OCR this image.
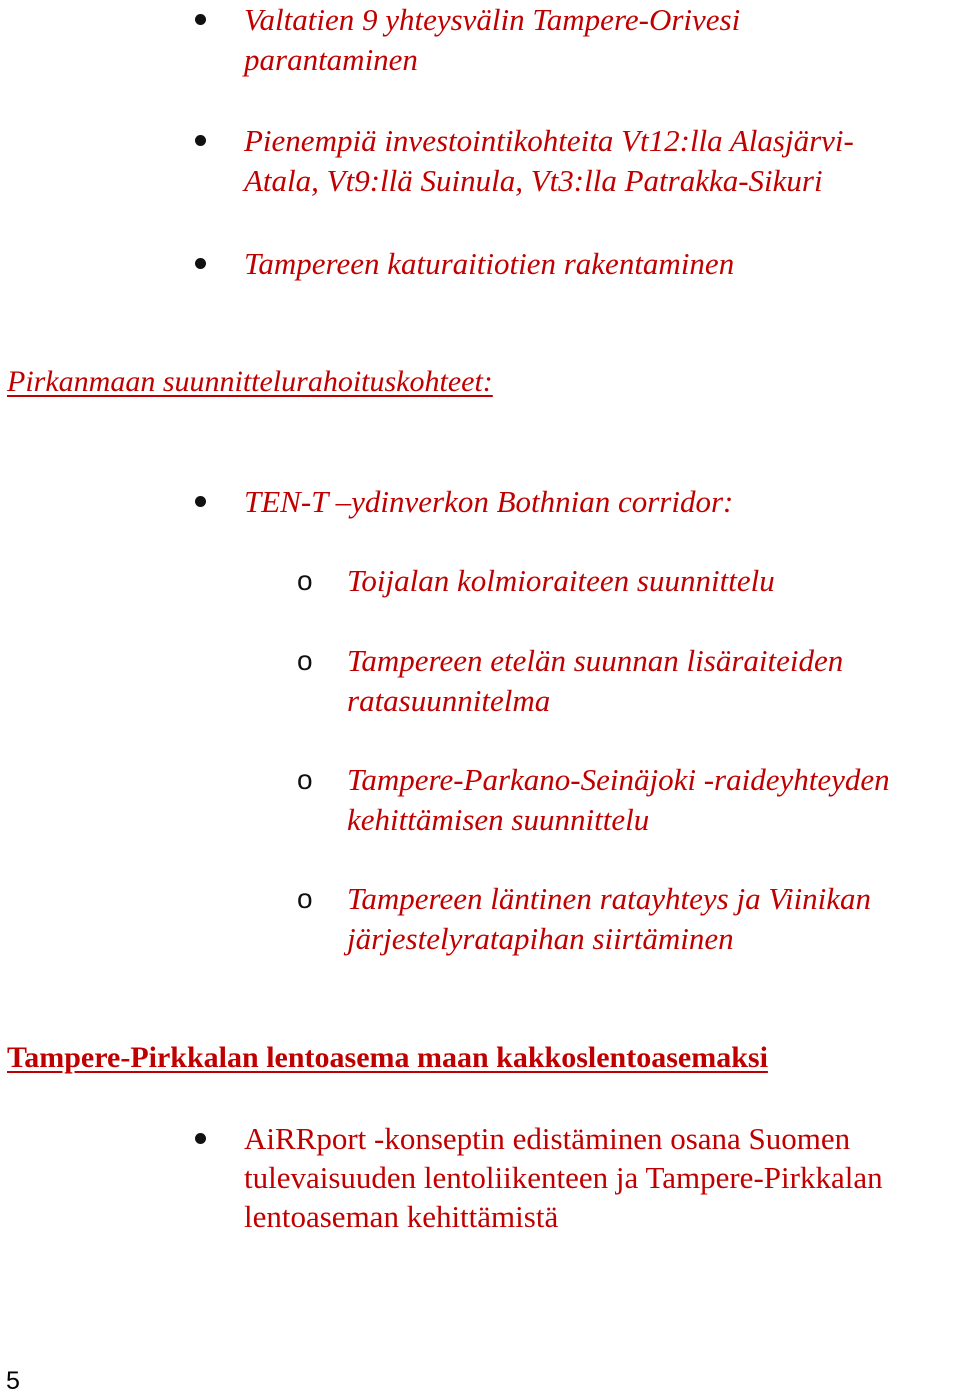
Valtatien 9 yhteysvälin Tampere-Orivesi
parantaminen
Pienempiä investointikohteita Vt12:lla Alasjärvi-
Atala, Vt9:llä Suinula, Vt3:lla Patrakka-Sikuri
Tampereen katuraitiotien rakentaminen
Pirkanmaan suunnittelurahoituskohteet:
TEN-T –ydinverkon Bothnian corridor:
o Toijalan kolmioraiteen suunnittelu
o Tampereen etelän suunnan lisäraiteiden
ratasuunnitelma
o Tampere-Parkano-Seinäjoki -raideyhteyden
kehittämisen suunnittelu
o Tampereen läntinen ratayhteys ja Viinikan
järjestelyratapihan siirtäminen
Tampere-Pirkkalan lentoasema maan kakkoslentoasemaksi
AiRRport -konseptin edistäminen osana Suomen
tulevaisuuden lentoliikenteen ja Tampere-Pirkkalan
lentoaseman kehittämistä
5
